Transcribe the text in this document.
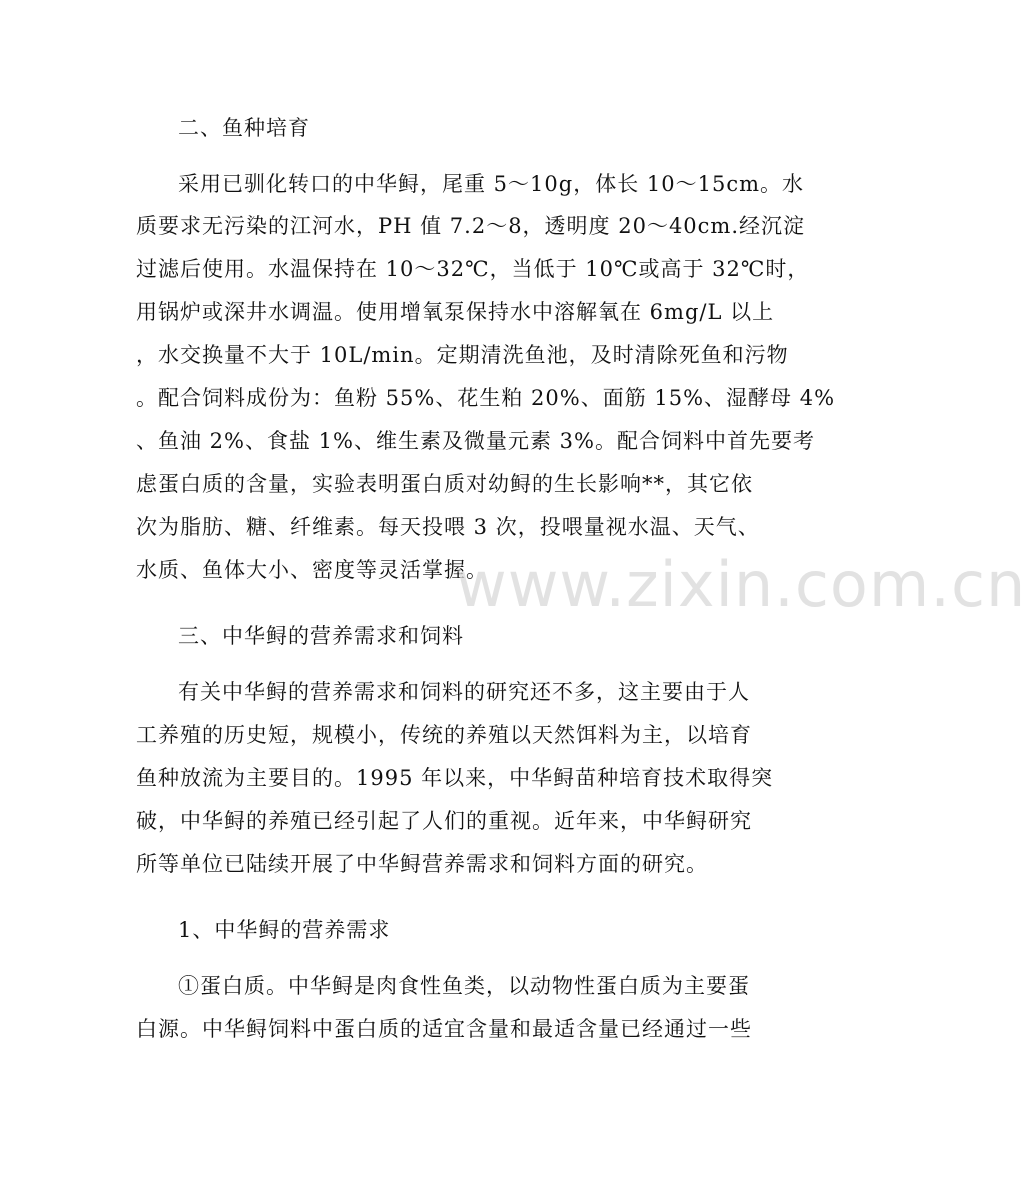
二、鱼种培育
采用已驯化转口的中华鲟，尾重 5～10g，体长 10～15cm。水
质要求无污染的江河水，PH 值 7.2～8，透明度 20～40cm.经沉淀
过滤后使用。水温保持在 10～32℃，当低于 10℃或高于 32℃时，
用锅炉或深井水调温。使用增氧泵保持水中溶解氧在 6mg/L 以上
，水交换量不大于 10L/min。定期清洗鱼池，及时清除死鱼和污物
。配合饲料成份为：鱼粉 55%、花生粕 20%、面筋 15%、湿酵母 4%
、鱼油 2%、食盐 1%、维生素及微量元素 3%。配合饲料中首先要考
虑蛋白质的含量，实验表明蛋白质对幼鲟的生长影响**，其它依
次为脂肪、糖、纤维素。每天投喂 3 次，投喂量视水温、天气、
水质、鱼体大小、密度等灵活掌握。
三、中华鲟的营养需求和饲料
有关中华鲟的营养需求和饲料的研究还不多，这主要由于人
工养殖的历史短，规模小，传统的养殖以天然饵料为主，以培育
鱼种放流为主要目的。1995 年以来，中华鲟苗种培育技术取得突
破，中华鲟的养殖已经引起了人们的重视。近年来，中华鲟研究
所等单位已陆续开展了中华鲟营养需求和饲料方面的研究。
1、中华鲟的营养需求
①蛋白质。中华鲟是肉食性鱼类，以动物性蛋白质为主要蛋
白源。中华鲟饲料中蛋白质的适宜含量和最适含量已经通过一些
www.zixin.com.cn
